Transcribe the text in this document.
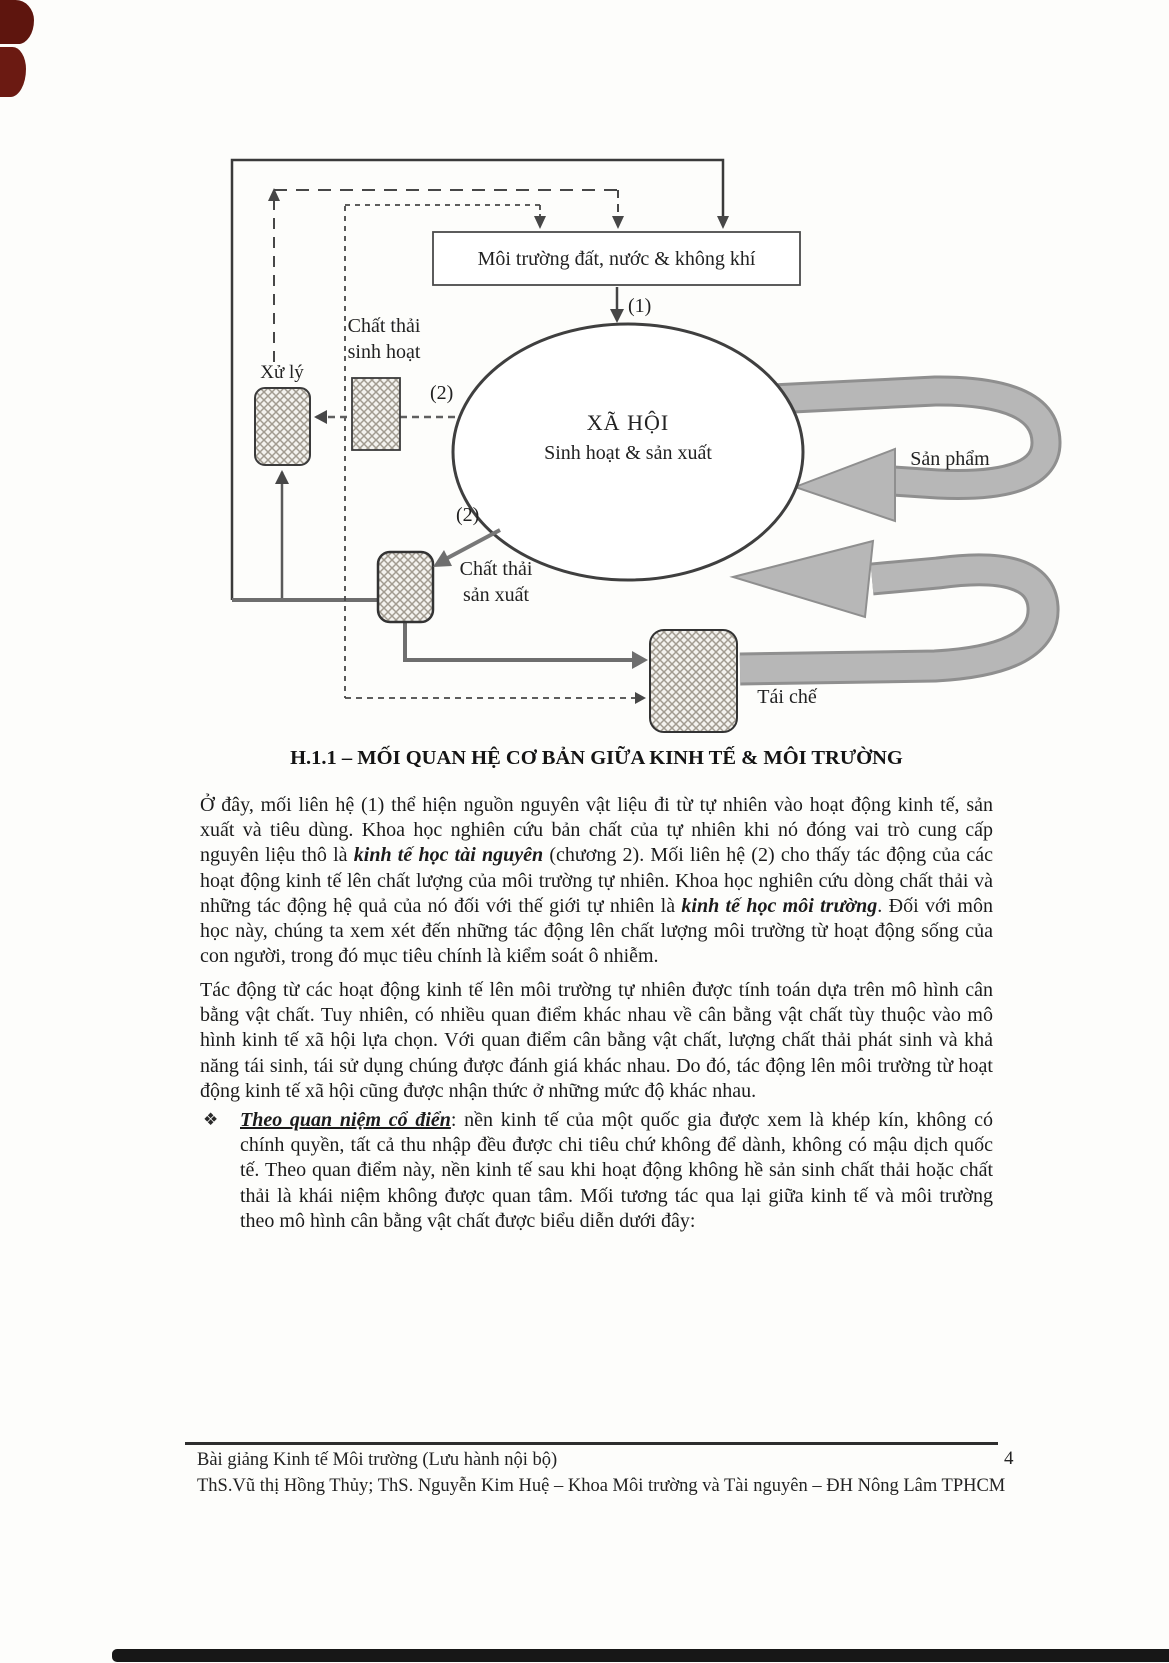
Môi trường đất, nước & không khí
(1)
XÃ HỘI
Sinh hoạt & sản xuất
Xử lý
Chất thải
sinh hoạt
(2)
(2)
Chất thải
sản xuất
Tái chế
Sản phẩm
H.1.1 – MỐI QUAN HỆ CƠ BẢN GIỮA KINH TẾ & MÔI TRƯỜNG
Ở đây, mối liên hệ (1) thể hiện nguồn nguyên vật liệu đi từ tự nhiên vào hoạt động kinh tế, sản xuất và tiêu dùng. Khoa học nghiên cứu bản chất của tự nhiên khi nó đóng vai trò cung cấp nguyên liệu thô là kinh tế học tài nguyên (chương 2). Mối liên hệ (2) cho thấy tác động của các hoạt động kinh tế lên chất lượng của môi trường tự nhiên. Khoa học nghiên cứu dòng chất thải và những tác động hệ quả của nó đối với thế giới tự nhiên là kinh tế học môi trường. Đối với môn học này, chúng ta xem xét đến những tác động lên chất lượng môi trường từ hoạt động sống của con người, trong đó mục tiêu chính là kiểm soát ô nhiễm.
Tác động từ các hoạt động kinh tế lên môi trường tự nhiên được tính toán dựa trên mô hình cân bằng vật chất. Tuy nhiên, có nhiều quan điểm khác nhau về cân bằng vật chất tùy thuộc vào mô hình kinh tế xã hội lựa chọn. Với quan điểm cân bằng vật chất, lượng chất thải phát sinh và khả năng tái sinh, tái sử dụng chúng được đánh giá khác nhau. Do đó, tác động lên môi trường từ hoạt động kinh tế xã hội cũng được nhận thức ở những mức độ khác nhau.
❖	Theo quan niệm cổ điển: nền kinh tế của một quốc gia được xem là khép kín, không có chính quyền, tất cả thu nhập đều được chi tiêu chứ không để dành, không có mậu dịch quốc tế. Theo quan điểm này, nền kinh tế sau khi hoạt động không hề sản sinh chất thải hoặc chất thải là khái niệm không được quan tâm. Mối tương tác qua lại giữa kinh tế và môi trường theo mô hình cân bằng vật chất được biểu diễn dưới đây:
Bài giảng Kinh tế Môi trường (Lưu hành nội bộ)	4
ThS.Vũ thị Hồng Thủy; ThS. Nguyễn Kim Huệ – Khoa Môi trường và Tài nguyên – ĐH Nông Lâm TPHCM
